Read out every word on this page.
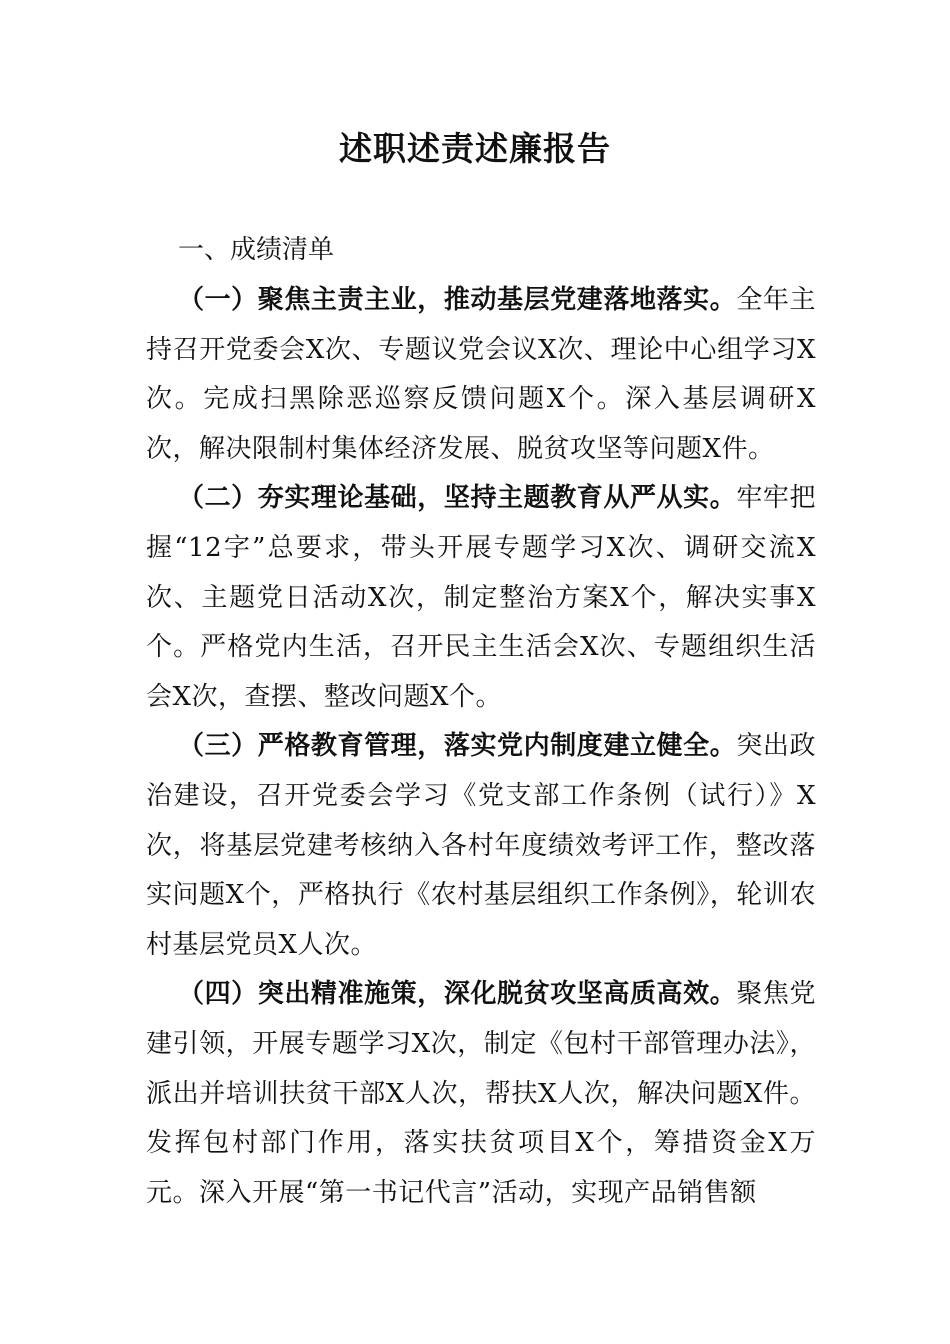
述职述责述廉报告
一、成绩清单

（一）聚焦主责主业，推动基层党建落地落实。全年主持召开党委会X次、专题议党会议X次、理论中心组学习X次。完成扫黑除恶巡察反馈问题X个。深入基层调研X次，解决限制村集体经济发展、脱贫攻坚等问题X件。

（二）夯实理论基础，坚持主题教育从严从实。牢牢把握“12字”总要求，带头开展专题学习X次、调研交流X次、主题党日活动X次，制定整治方案X个，解决实事X个。严格党内生活，召开民主生活会X次、专题组织生活会X次，查摆、整改问题X个。

（三）严格教育管理，落实党内制度建立健全。突出政治建设，召开党委会学习《党支部工作条例（试行）》X次，将基层党建考核纳入各村年度绩效考评工作，整改落实问题X个，严格执行《农村基层组织工作条例》，轮训农村基层党员X人次。

（四）突出精准施策，深化脱贫攻坚高质高效。聚焦党建引领，开展专题学习X次，制定《包村干部管理办法》，派出并培训扶贫干部X人次，帮扶X人次，解决问题X件。发挥包村部门作用，落实扶贫项目X个，筹措资金X万元。深入开展“第一书记代言”活动，实现产品销售额
